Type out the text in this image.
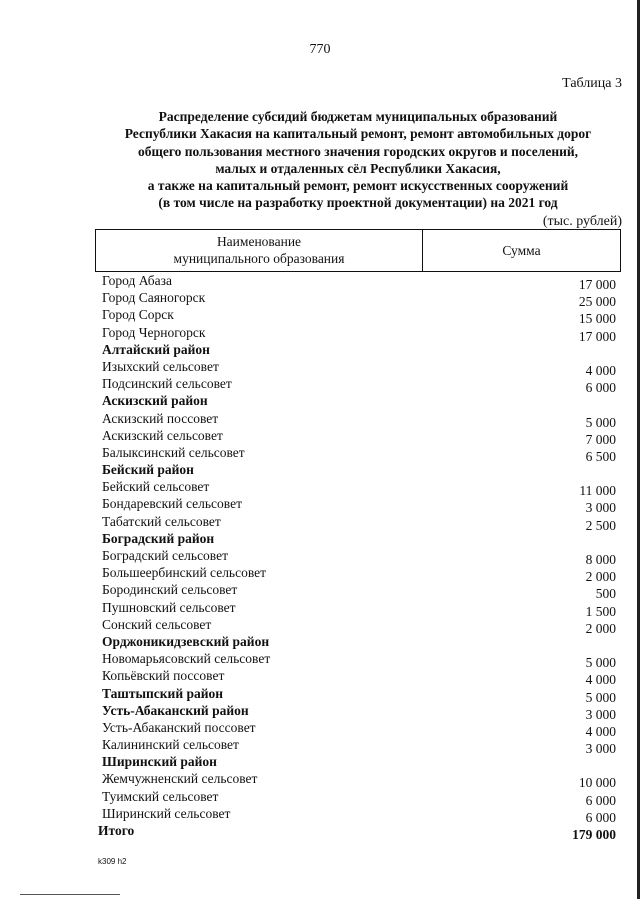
770
Таблица 3
Распределение субсидий бюджетам муниципальных образований
Республики Хакасия на капитальный ремонт, ремонт автомобильных дорог
общего пользования местного значения городских округов и поселений,
малых и отдаленных сёл Республики Хакасия,
а также на капитальный ремонт, ремонт искусственных сооружений
(в том числе на разработку проектной документации) на 2021 год
(тыс. рублей)
Наименование
муниципального образования
Сумма
Город Абаза	17 000
Город Саяногорск	25 000
Город Сорск	15 000
Город Черногорск	17 000
Алтайский район
Изыхский сельсовет	4 000
Подсинский сельсовет	6 000
Аскизский район
Аскизский поссовет	5 000
Аскизский сельсовет	7 000
Балыксинский сельсовет	6 500
Бейский район
Бейский сельсовет	11 000
Бондаревский сельсовет	3 000
Табатский сельсовет	2 500
Боградский район
Боградский сельсовет	8 000
Большеербинский сельсовет	2 000
Бородинский сельсовет	500
Пушновский сельсовет	1 500
Сонский сельсовет	2 000
Орджоникидзевский район
Новомарьясовский сельсовет	5 000
Копьёвский поссовет	4 000
Таштыпский район	5 000
Усть-Абаканский район	3 000
Усть-Абаканский поссовет	4 000
Калининский сельсовет	3 000
Ширинский район
Жемчужненский сельсовет	10 000
Туимский сельсовет	6 000
Ширинский сельсовет	6 000
Итого	179 000
k309 h2
